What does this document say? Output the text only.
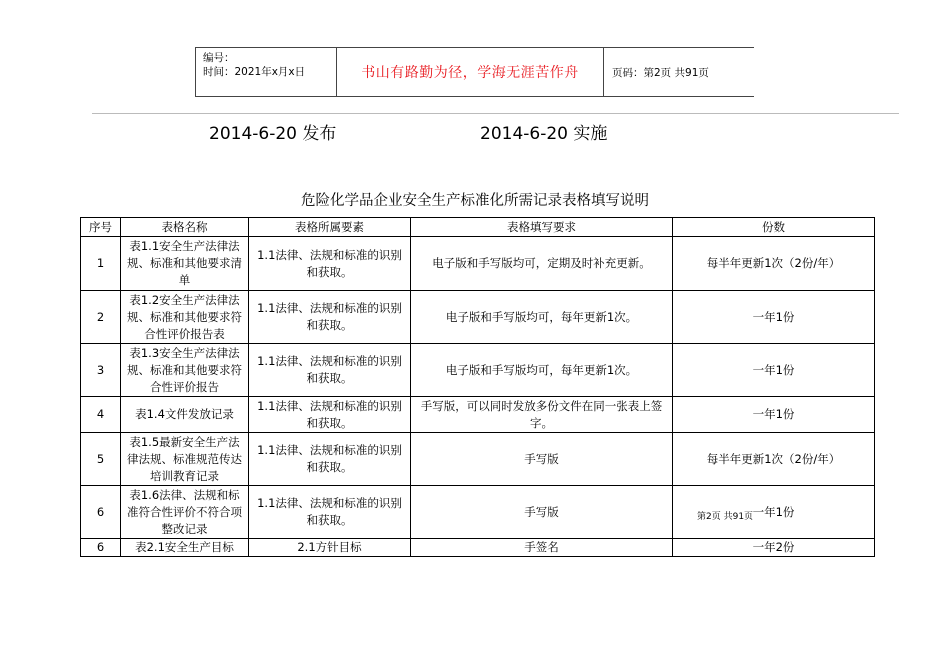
编号：
时间：2021年x月x日	书山有路勤为径，学海无涯苦作舟	页码：第2页 共91页
2014-6-20 发布	2014-6-20 实施
危险化学品企业安全生产标准化所需记录表格填写说明
序号	表格名称	表格所属要素	表格填写要求	份数
1	表1.1安全生产法律法规、标准和其他要求清单	1.1法律、法规和标准的识别和获取。	电子版和手写版均可，定期及时补充更新。	每半年更新1次（2份/年）
2	表1.2安全生产法律法规、标准和其他要求符合性评价报告表	1.1法律、法规和标准的识别和获取。	电子版和手写版均可，每年更新1次。	一年1份
3	表1.3安全生产法律法规、标准和其他要求符合性评价报告	1.1法律、法规和标准的识别和获取。	电子版和手写版均可，每年更新1次。	一年1份
4	表1.4文件发放记录	1.1法律、法规和标准的识别和获取。	手写版，可以同时发放多份文件在同一张表上签字。	一年1份
5	表1.5最新安全生产法律法规、标准规范传达培训教育记录	1.1法律、法规和标准的识别和获取。	手写版	每半年更新1次（2份/年）
6	表1.6法律、法规和标准符合性评价不符合项整改记录	1.1法律、法规和标准的识别和获取。	手写版	一年1份
6	表2.1安全生产目标	2.1方针目标	手签名	一年2份
第2页 共91页
